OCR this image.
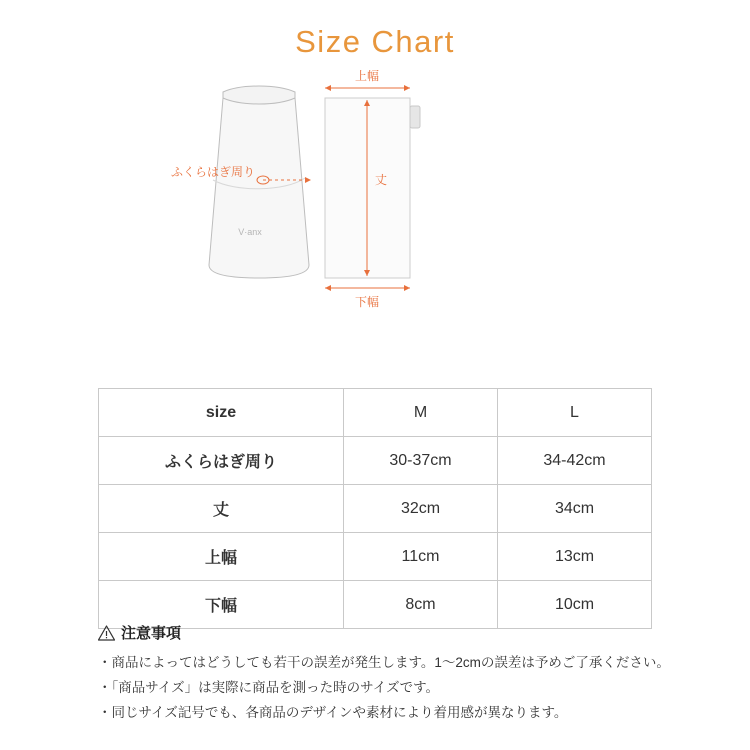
Size Chart
V·anx
上幅
丈
下幅
ふくらはぎ周り
size	M	L
ふくらはぎ周り	30-37cm	34-42cm
丈	32cm	34cm
上幅	11cm	13cm
下幅	8cm	10cm
注意事項
・商品によってはどうしても若干の誤差が発生します。1〜2cmの誤差は予めご了承ください。
・「商品サイズ」は実際に商品を測った時のサイズです。
・同じサイズ記号でも、各商品のデザインや素材により着用感が異なります。
